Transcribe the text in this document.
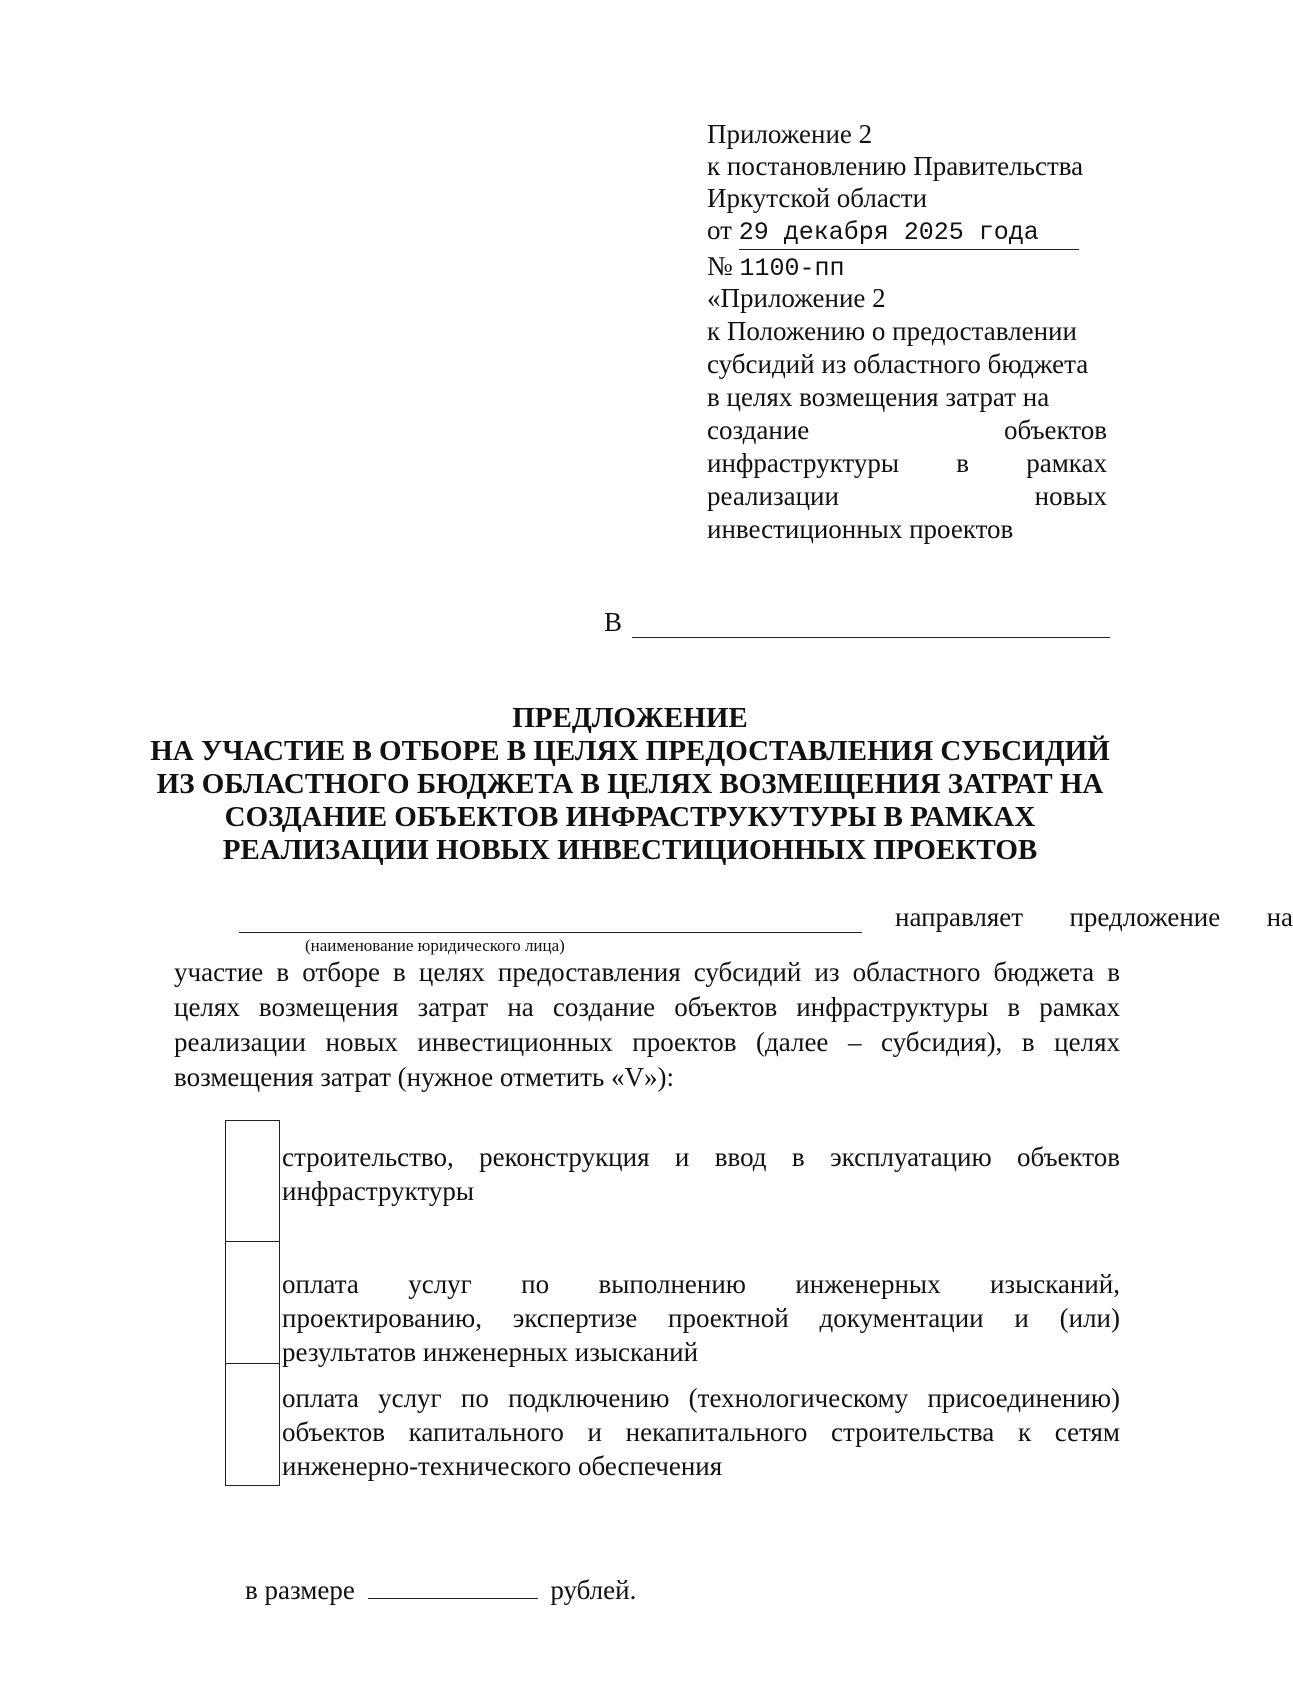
Приложение 2
к постановлению Правительства
Иркутской области
от 29 декабря 2025 года
№ 1100-пп
«Приложение 2
к Положению о предоставлении
субсидий из областного бюджета
в целях возмещения затрат на
создание	объектов
инфраструктуры в рамках
реализации	новых
инвестиционных проектов
В
ПРЕДЛОЖЕНИЕ
НА УЧАСТИЕ В ОТБОРЕ В ЦЕЛЯХ ПРЕДОСТАВЛЕНИЯ СУБСИДИЙ
ИЗ ОБЛАСТНОГО БЮДЖЕТА В ЦЕЛЯХ ВОЗМЕЩЕНИЯ ЗАТРАТ НА
СОЗДАНИЕ ОБЪЕКТОВ ИНФРАСТРУКУТУРЫ В РАМКАХ
РЕАЛИЗАЦИИ НОВЫХ ИНВЕСТИЦИОННЫХ ПРОЕКТОВ
направляет предложение на
(наименование юридического лица)
участие в отборе в целях предоставления субсидий из областного бюджета в
целях возмещения затрат на создание объектов инфраструктуры в рамках
реализации новых инвестиционных проектов (далее – субсидия), в целях
возмещения затрат (нужное отметить «V»):
строительство, реконструкция и ввод в эксплуатацию объектов
инфраструктуры
оплата услуг по выполнению инженерных изысканий,
проектированию, экспертизе проектной документации и (или)
результатов инженерных изысканий
оплата услуг по подключению (технологическому присоединению)
объектов капитального и некапитального строительства к сетям
инженерно-технического обеспечения
в размере	рублей.
